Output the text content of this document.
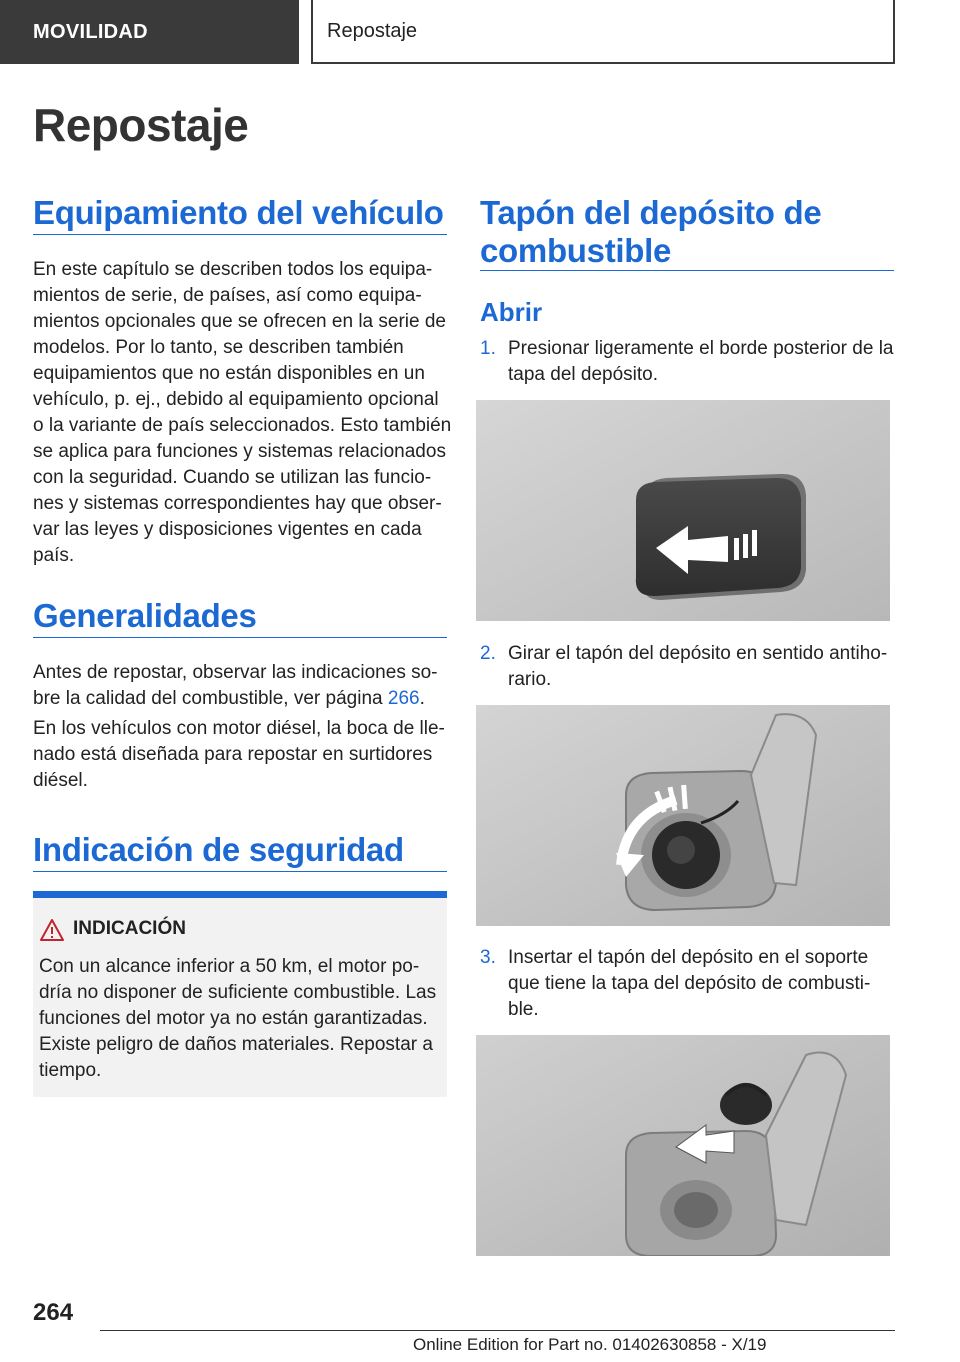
MOVILIDAD	Repostaje
Repostaje
Equipamiento del vehículo

En este capítulo se describen todos los equipa-
mientos de serie, de países, así como equipa-
mientos opcionales que se ofrecen en la serie de
modelos. Por lo tanto, se describen también
equipamientos que no están disponibles en un
vehículo, p. ej., debido al equipamiento opcional
o la variante de país seleccionados. Esto también
se aplica para funciones y sistemas relacionados
con la seguridad. Cuando se utilizan las funcio-
nes y sistemas correspondientes hay que obser-
var las leyes y disposiciones vigentes en cada
país.

Generalidades

Antes de repostar, observar las indicaciones so-
bre la calidad del combustible, ver página 266.

En los vehículos con motor diésel, la boca de lle-
nado está diseñada para repostar en surtidores
diésel.

Indicación de seguridad
INDICACIÓN

Con un alcance inferior a 50 km, el motor po-
dría no disponer de suficiente combustible. Las
funciones del motor ya no están garantizadas.
Existe peligro de daños materiales. Repostar a
tiempo.

Tapón del depósito de
combustible
Abrir
1. Presionar ligeramente el borde posterior de la
tapa del depósito.
2. Girar el tapón del depósito en sentido antiho-
rario.
3. Insertar el tapón del depósito en el soporte
que tiene la tapa del depósito de combusti-
ble.
264
Online Edition for Part no. 01402630858 - X/19
